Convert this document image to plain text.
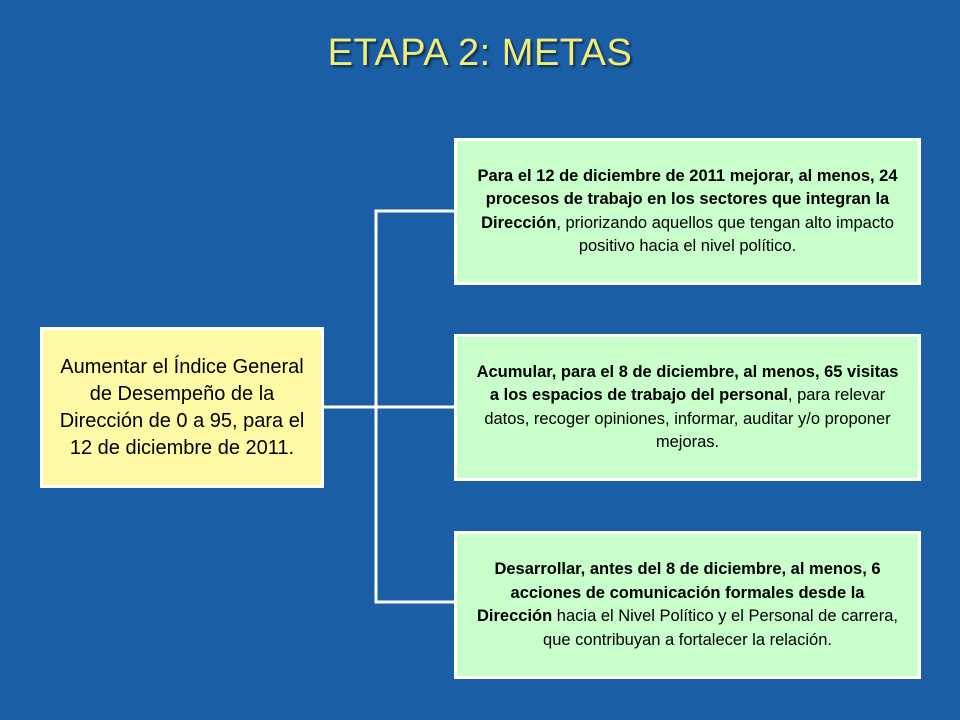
ETAPA 2: METAS
Aumentar el Índice General de Desempeño de la Dirección de 0 a 95, para el 12 de diciembre de 2011.
Para el 12 de diciembre de 2011 mejorar, al menos, 24 procesos de trabajo en los sectores que integran la Dirección, priorizando aquellos que tengan alto impacto positivo hacia el nivel político.
Acumular, para el 8 de diciembre, al menos, 65 visitas a los espacios de trabajo del personal, para relevar datos, recoger opiniones, informar, auditar y/o proponer mejoras.
Desarrollar, antes del 8 de diciembre, al menos, 6 acciones de comunicación formales desde la Dirección hacia el Nivel Político y el Personal de carrera, que contribuyan a fortalecer la relación.
